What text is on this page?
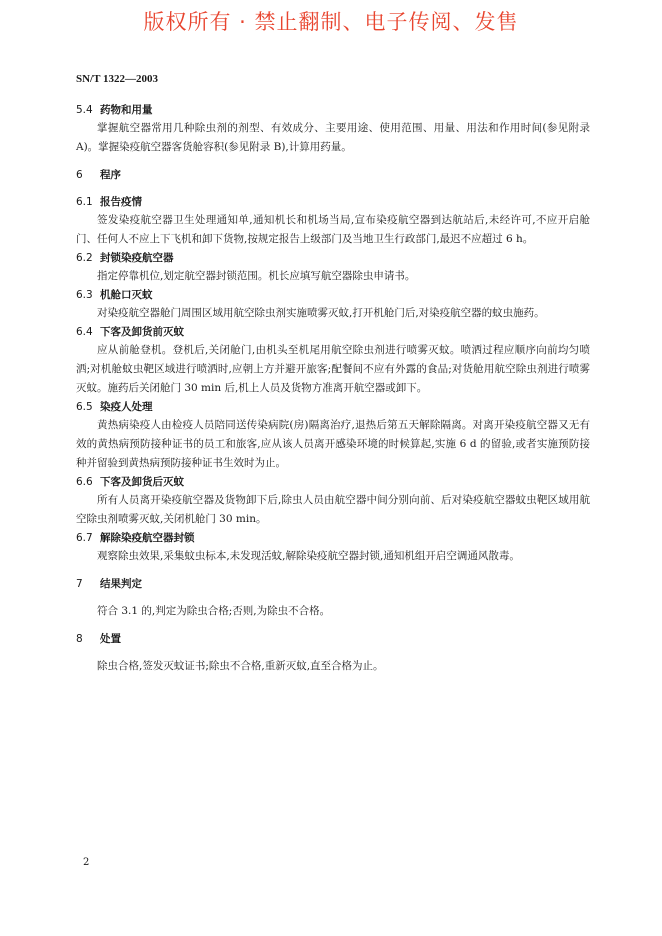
版权所有 · 禁止翻制、电子传阅、发售
SN/T 1322—2003
5.4 药物和用量
掌握航空器常用几种除虫剂的剂型、有效成分、主要用途、使用范围、用量、用法和作用时间(参见附录 A)。掌握染疫航空器客货舱容积(参见附录 B),计算用药量。
6 程序
6.1 报告疫情
签发染疫航空器卫生处理通知单,通知机长和机场当局,宣布染疫航空器到达航站后,未经许可,不应开启舱门、任何人不应上下飞机和卸下货物,按规定报告上级部门及当地卫生行政部门,最迟不应超过 6 h。
6.2 封锁染疫航空器
指定停靠机位,划定航空器封锁范围。机长应填写航空器除虫申请书。
6.3 机舱口灭蚊
对染疫航空器舱门周围区域用航空除虫剂实施喷雾灭蚊,打开机舱门后,对染疫航空器的蚊虫施药。
6.4 下客及卸货前灭蚊
应从前舱登机。登机后,关闭舱门,由机头至机尾用航空除虫剂进行喷雾灭蚊。喷洒过程应顺序向前均匀喷洒;对机舱蚊虫靶区域进行喷洒时,应朝上方并避开旅客;配餐间不应有外露的食品;对货舱用航空除虫剂进行喷雾灭蚊。施药后关闭舱门 30 min 后,机上人员及货物方准离开航空器或卸下。
6.5 染疫人处理
黄热病染疫人由检疫人员陪同送传染病院(房)隔离治疗,退热后第五天解除隔离。对离开染疫航空器又无有效的黄热病预防接种证书的员工和旅客,应从该人员离开感染环境的时候算起,实施 6 d 的留验,或者实施预防接种并留验到黄热病预防接种证书生效时为止。
6.6 下客及卸货后灭蚊
所有人员离开染疫航空器及货物卸下后,除虫人员由航空器中间分别向前、后对染疫航空器蚊虫靶区域用航空除虫剂喷雾灭蚊,关闭机舱门 30 min。
6.7 解除染疫航空器封锁
观察除虫效果,采集蚊虫标本,未发现活蚊,解除染疫航空器封锁,通知机组开启空调通风散毒。
7 结果判定
符合 3.1 的,判定为除虫合格;否则,为除虫不合格。
8 处置
除虫合格,签发灭蚊证书;除虫不合格,重新灭蚊,直至合格为止。
2
